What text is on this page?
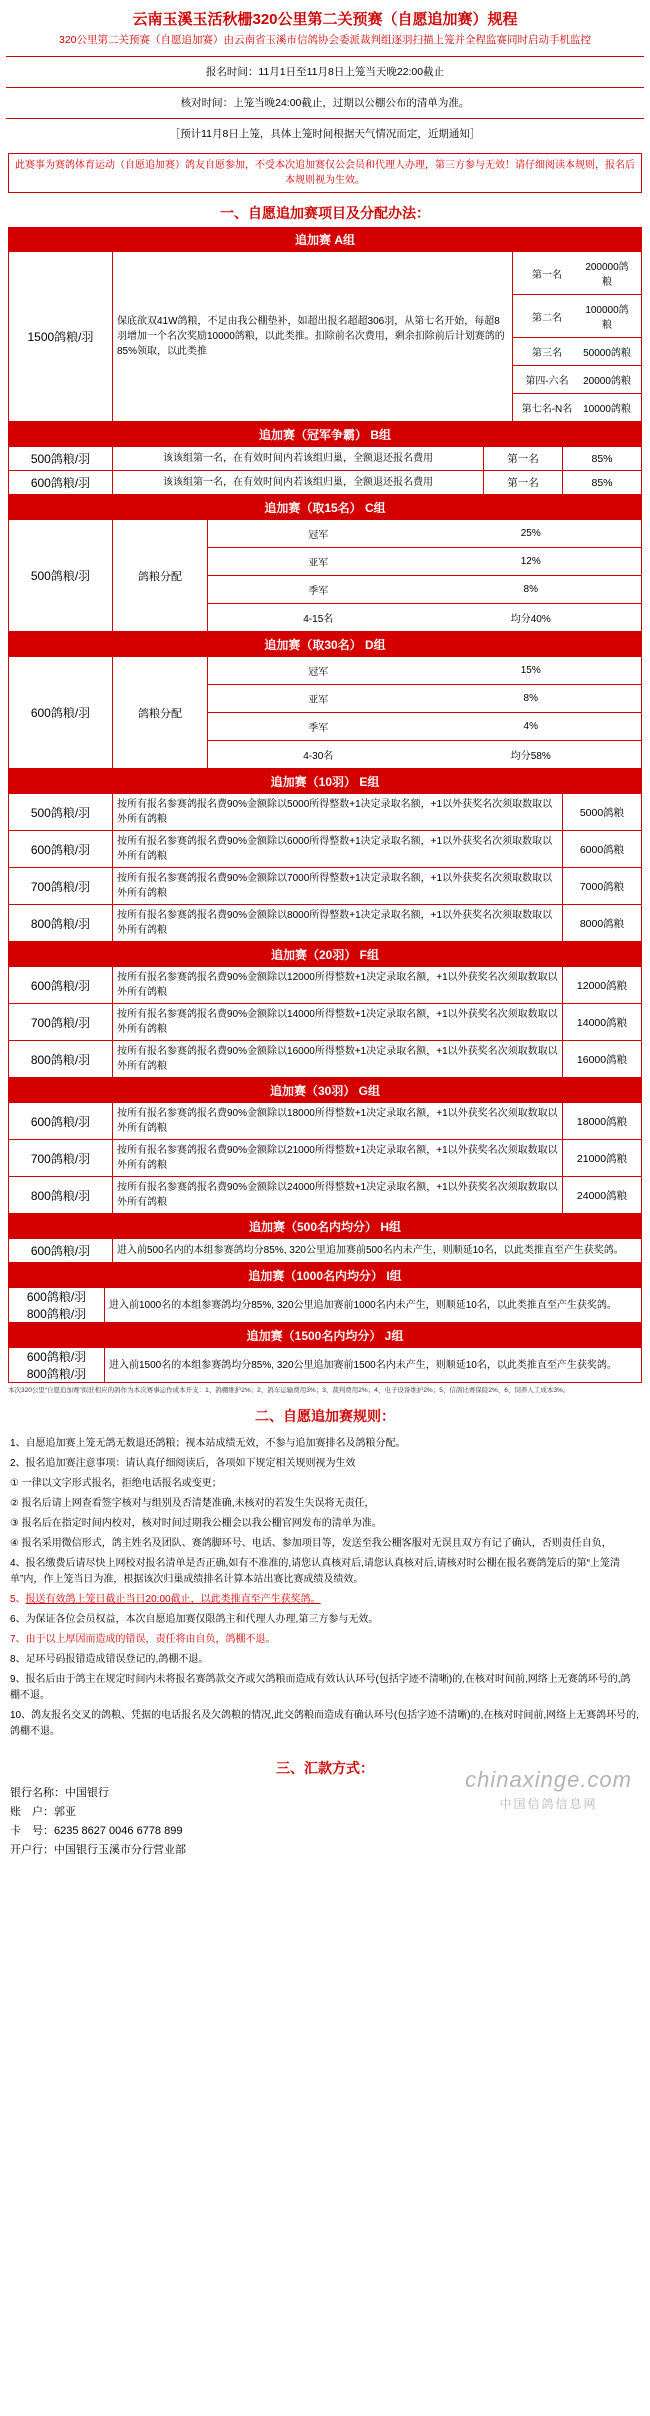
云南玉溪玉活秋栅320公里第二关预赛（自愿追加赛）规程
320公里第二关预赛（自愿追加赛）由云南省玉溪市信鸽协会委派裁判组逐羽扫描上笼并全程监赛同时启动手机监控
报名时间：11月1日至11月8日上笼当天晚22:00截止
核对时间：上笼当晚24:00截止，过期以公棚公布的清单为准。
［预计11月8日上笼，具体上笼时间根据天气情况而定，近期通知］
此赛事为赛鸽体育运动（自愿追加赛）鸽友自愿参加，不受本次追加赛仅公会员和代理人办理，第三方参与无效！请仔细阅读本规则，报名后本规则视为生效。
一、自愿追加赛项目及分配办法：
追加赛 A组
1500鸽粮/羽	保底欲双41W鸽粮，不足由我公棚垫补，如超出报名超超306羽，从第七名开始，每超8羽增加一个名次奖励10000鸽粮，以此类推。扣除前名次费用，剩余扣除前后计划赛鸽的85%领取，以此类推	
第一名	200000鸽粮

第二名	100000鸽粮

第三名	50000鸽粮

第四-六名	20000鸽粮

第七名-N名	10000鸽粮
追加赛（冠军争霸） B组			
500鸽粮/羽	该该组第一名，在有效时间内若该组归巢，全额退还报名费用	第一名	85%
600鸽粮/羽	该该组第一名，在有效时间内若该组归巢，全额退还报名费用	第一名	85%
追加赛（取15名） C组
500鸽粮/羽	鸽粮分配	
冠军	25%

亚军	12%

季军	8%

4-15名	均分40%
追加赛（取30名） D组
600鸽粮/羽	鸽粮分配	
冠军	15%

亚军	8%

季军	4%

4-30名	均分58%
追加赛（10羽） E组		
500鸽粮/羽	按所有报名参赛鸽报名费90%金额除以5000所得整数+1决定录取名额，+1以外获奖名次须取数取以外所有鸽粮	5000鸽粮
600鸽粮/羽	按所有报名参赛鸽报名费90%金额除以6000所得整数+1决定录取名额，+1以外获奖名次须取数取以外所有鸽粮	6000鸽粮
700鸽粮/羽	按所有报名参赛鸽报名费90%金额除以7000所得整数+1决定录取名额，+1以外获奖名次须取数取以外所有鸽粮	7000鸽粮
800鸽粮/羽	按所有报名参赛鸽报名费90%金额除以8000所得整数+1决定录取名额，+1以外获奖名次须取数取以外所有鸽粮	8000鸽粮
追加赛（20羽） F组		
600鸽粮/羽	按所有报名参赛鸽报名费90%金额除以12000所得整数+1决定录取名额，+1以外获奖名次须取数取以外所有鸽粮	12000鸽粮
700鸽粮/羽	按所有报名参赛鸽报名费90%金额除以14000所得整数+1决定录取名额，+1以外获奖名次须取数取以外所有鸽粮	14000鸽粮
800鸽粮/羽	按所有报名参赛鸽报名费90%金额除以16000所得整数+1决定录取名额，+1以外获奖名次须取数取以外所有鸽粮	16000鸽粮
追加赛（30羽） G组		
600鸽粮/羽	按所有报名参赛鸽报名费90%金额除以18000所得整数+1决定录取名额，+1以外获奖名次须取数取以外所有鸽粮	18000鸽粮
700鸽粮/羽	按所有报名参赛鸽报名费90%金额除以21000所得整数+1决定录取名额，+1以外获奖名次须取数取以外所有鸽粮	21000鸽粮
800鸽粮/羽	按所有报名参赛鸽报名费90%金额除以24000所得整数+1决定录取名额，+1以外获奖名次须取数取以外所有鸽粮	24000鸽粮
追加赛（500名内均分） H组
600鸽粮/羽	进入前500名内的本组参赛鸽均分85%, 320公里追加赛前500名内未产生，则顺延10名，以此类推直至产生获奖鸽。
追加赛（1000名内均分） I组

600鸽粮/羽
800鸽粮/羽
	进入前1000名的本组参赛鸽均分85%, 320公里追加赛前1000名内未产生，则顺延10名，以此类推直至产生获奖鸽。
追加赛（1500名内均分） J组

600鸽粮/羽
800鸽粮/羽
	进入前1500名的本组参赛鸽均分85%, 320公里追加赛前1500名内未产生，则顺延10名，以此类推直至产生获奖鸽。
本次320公里“自愿追加赛”拟驻相应的鸽作为本次赛事运作成本开支：1、鸽棚维护2%；2、鸽车运输费用3%；3、裁判费用2%；4、电子设备维护2%；5、信鸽比赛保险2%、6、饲养人工成本3%。
二、自愿追加赛规则：
1、自愿追加赛上笼无鸽无数退还鸽粮；视本站成绩无效，不参与追加赛排名及鸽粮分配。
2、报名追加赛注意事项：请认真仔细阅读后，各项如下规定相关规则视为生效
① 一律以文字形式报名，拒绝电话报名或变更；
② 报名后请上网查看签字核对与组别及否清楚准确,未核对的若发生失误将无责任，
③ 报名后在指定时间内校对，核对时间过期我公棚会以我公棚官网发布的清单为准。
④ 报名采用微信形式，鸽主姓名及团队、赛鸽脚环号、电话、参加项目等，发送至我公棚客服对无误且双方有记了确认，否则责任自负，
4、报名缴费后请尽快上网校对报名清单是否正确,如有不准准的,请您认真核对后,请您认真核对后,请核对时公棚在报名赛鸽笼后的第“上笼清单”内，作上笼当日为准，根据该次归巢成绩排名计算本站出赛比赛成绩及绩效。
5、报送有效鸽上笼日截止当日20:00截止，以此类推直至产生获奖鸽。
6、为保证各位会员权益，本次自愿追加赛仅限鸽主和代理人办理,第三方参与无效。
7、由于以上厚因而造成的错误，责任将由自负，鸽棚不退。
8、足环号码报错造成错误登记的,鸽棚不退。
9、报名后由于鸽主在规定时间内未将报名赛鸽款交齐或欠鸽粮而造成有效认认环号(包括字迹不清晰)的,在核对时间前,网络上无赛鸽环号的,鸽棚不退。
10、鸽友报名交叉的鸽粮、凭据的电话报名及欠鸽粮的情况,此交鸽粮而造成有确认环号(包括字迹不清晰)的,在核对时间前,网络上无赛鸽环号的,鸽棚不退。
三、汇款方式：
银行名称：中国银行
账　户：郭亚
卡　号：6235 8627 0046 6778 899
开户行：中国银行玉溪市分行营业部
chinaxinge.com
中国信鸽信息网
